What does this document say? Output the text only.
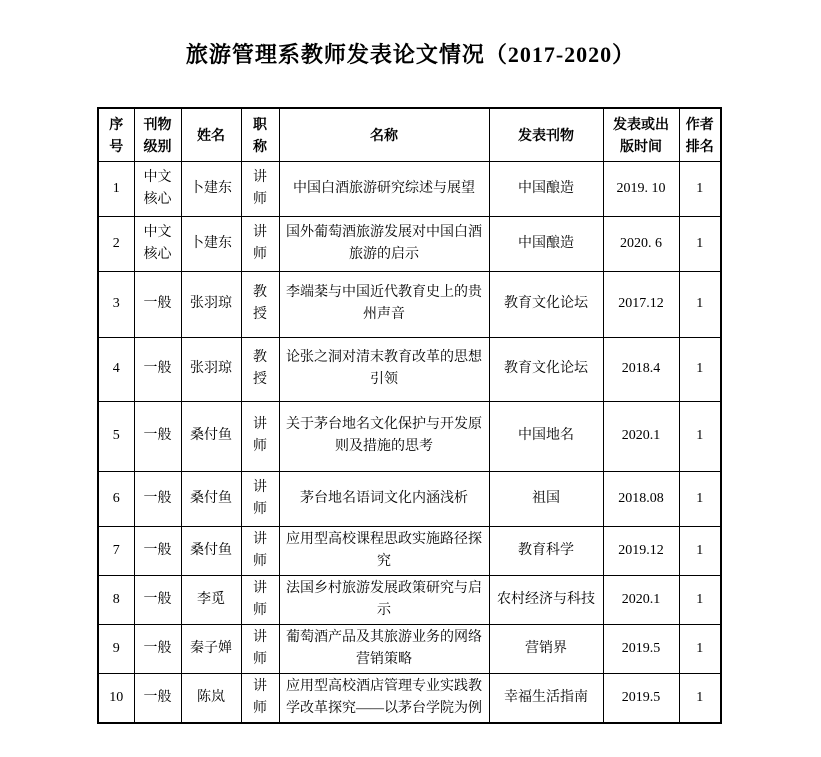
旅游管理系教师发表论文情况（2017-2020）
序号	刊物级别	姓名	职称	名称	发表刊物	发表或出版时间	作者排名
1	中文核心	卜建东	讲师	中国白酒旅游研究综述与展望	中国酿造	2019. 10	1
2	中文核心	卜建东	讲师	国外葡萄酒旅游发展对中国白酒旅游的启示	中国酿造	2020. 6	1
3	一般	张羽琼	教授	李端棻与中国近代教育史上的贵州声音	教育文化论坛	2017.12	1
4	一般	张羽琼	教授	论张之洞对清末教育改革的思想引领	教育文化论坛	2018.4	1
5	一般	桑付鱼	讲师	关于茅台地名文化保护与开发原则及措施的思考	中国地名	2020.1	1
6	一般	桑付鱼	讲师	茅台地名语词文化内涵浅析	祖国	2018.08	1
7	一般	桑付鱼	讲师	应用型高校课程思政实施路径探究	教育科学	2019.12	1
8	一般	李觅	讲师	法国乡村旅游发展政策研究与启示	农村经济与科技	2020.1	1
9	一般	秦子婵	讲师	葡萄酒产品及其旅游业务的网络营销策略	营销界	2019.5	1
10	一般	陈岚	讲师	应用型高校酒店管理专业实践教学改革探究——以茅台学院为例	幸福生活指南	2019.5	1
